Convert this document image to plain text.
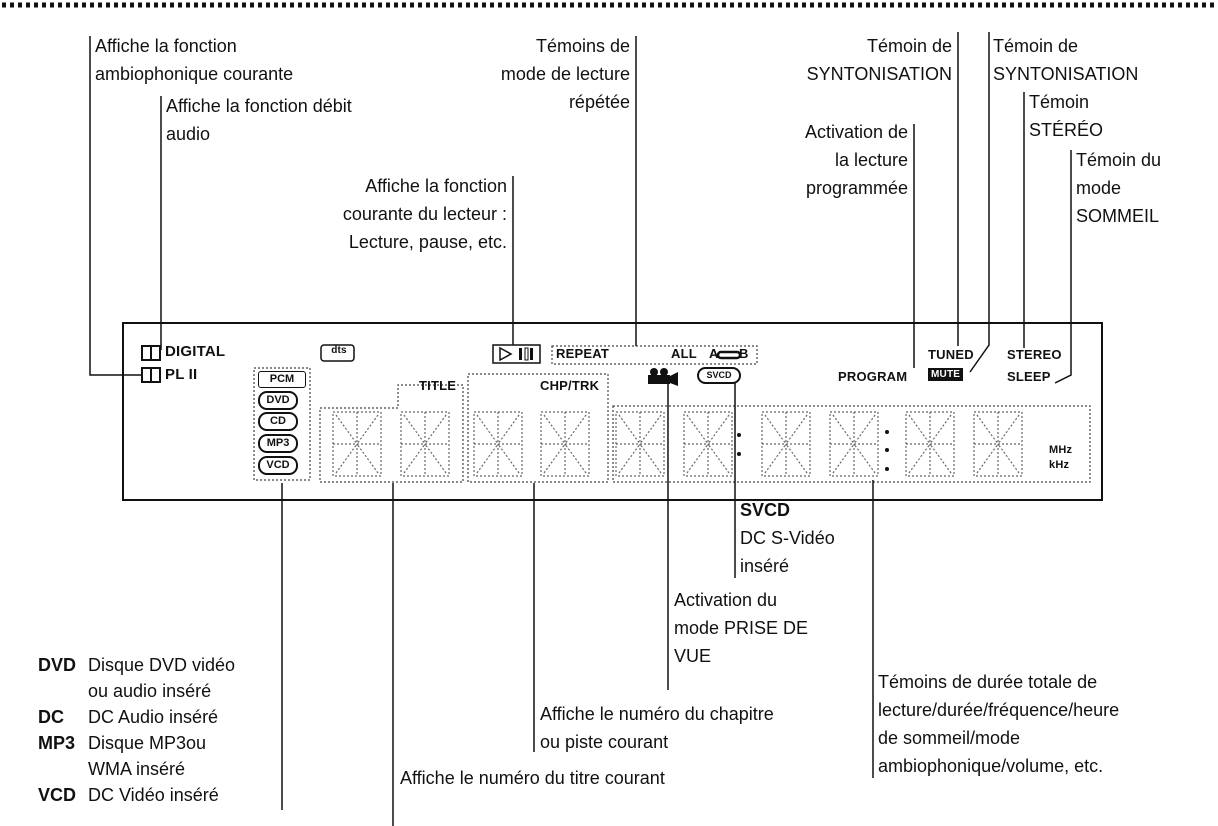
Affiche la fonction
ambiophonique courante
Affiche la fonction débit
audio
Témoins de
mode de lecture
répétée
Affiche la fonction
courante du lecteur :
Lecture, pause, etc.
Témoin de
SYNTONISATION
Témoin de
SYNTONISATION
Témoin
STÉRÉO
Activation de
la lecture
programmée
Témoin du
mode
SOMMEIL
SVCD
DC S-Vidéo
inséré
Activation du
mode PRISE DE
VUE
Témoins de durée totale de
lecture/durée/fréquence/heure
de sommeil/mode
ambiophonique/volume, etc.
Affiche le numéro du chapitre
ou piste courant
Affiche le numéro du titre courant
DVD Disque DVD vidéo
ou audio inséré
DC DC Audio inséré
MP3 Disque MP3ou
WMA inséré
VCD DC Vidéo inséré
DIGITAL
PL II
dts
PCM
DVD
CD
MP3
VCD
TITLE	CHP/TRK
REPEAT	ALL A B
SVCD	PROGRAM
TUNED
MUTE
STEREO
SLEEP
MHz
kHz
